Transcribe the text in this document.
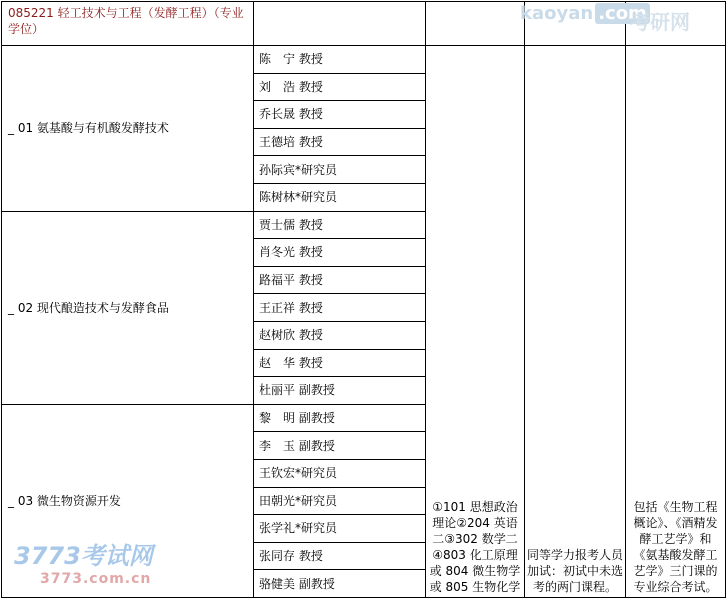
085221 轻工技术与工程（发酵工程）（专业学位）				
_ 01 氨基酸与有机酸发酵技术	陈　宁 教授	①101 思想政治理论②204 英语二③302 数学二④803 化工原理或 804 微生物学或 805 生物化学	同等学力报考人员加试：初试中未选考的两门课程。	包括《生物工程概论》、《酒精发酵工艺学》和《氨基酸发酵工艺学》三门课的专业综合考试。
	刘　浩 教授			
	乔长晟 教授			
	王德培 教授			
	孙际宾*研究员			
	陈树林*研究员			
_ 02 现代酿造技术与发酵食品	贾士儒 教授			
	肖冬光 教授			
	路福平 教授			
	王正祥 教授			
	赵树欣 教授			
	赵　华 教授			
	杜丽平 副教授			
_ 03 微生物资源开发	黎　明 副教授			
	李　玉 副教授			
	王钦宏*研究员			
	田朝光*研究员			
	张学礼*研究员			
	张同存 教授			
	骆健美 副教授			
kaoyan .com
考研网
3773考试网
3773.com.cn
